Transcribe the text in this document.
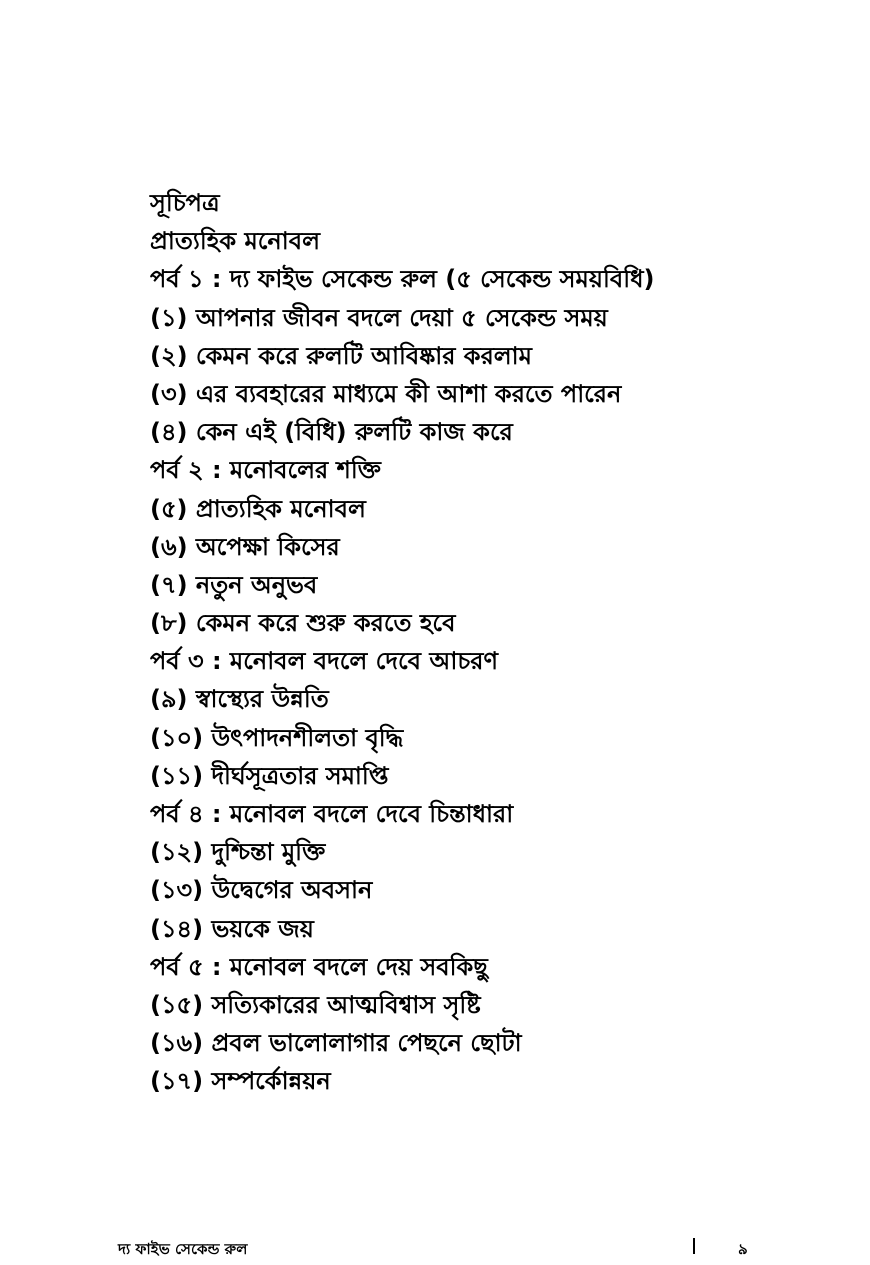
সূচিপত্র
প্রাত্যহিক মনোবল
পর্ব ১ : দ্য ফাইভ সেকেন্ড রুল (৫ সেকেন্ড সময়বিধি)
(১) আপনার জীবন বদলে দেয়া ৫ সেকেন্ড সময়
(২) কেমন করে রুলটি আবিষ্কার করলাম
(৩) এর ব্যবহারের মাধ্যমে কী আশা করতে পারেন
(৪) কেন এই (বিধি) রুলটি কাজ করে
পর্ব ২ : মনোবলের শক্তি
(৫) প্রাত্যহিক মনোবল
(৬) অপেক্ষা কিসের
(৭) নতুন অনুভব
(৮) কেমন করে শুরু করতে হবে
পর্ব ৩ : মনোবল বদলে দেবে আচরণ
(৯) স্বাস্থ্যের উন্নতি
(১০) উৎপাদনশীলতা বৃদ্ধি
(১১) দীর্ঘসূত্রতার সমাপ্তি
পর্ব ৪ : মনোবল বদলে দেবে চিন্তাধারা
(১২) দুশ্চিন্তা মুক্তি
(১৩) উদ্বেগের অবসান
(১৪) ভয়কে জয়
পর্ব ৫ : মনোবল বদলে দেয় সবকিছু
(১৫) সত্যিকারের আত্মবিশ্বাস সৃষ্টি
(১৬) প্রবল ভালোলাগার পেছনে ছোটা
(১৭) সম্পর্কোন্নয়ন
দ্য ফাইভ সেকেন্ড রুল	৯
